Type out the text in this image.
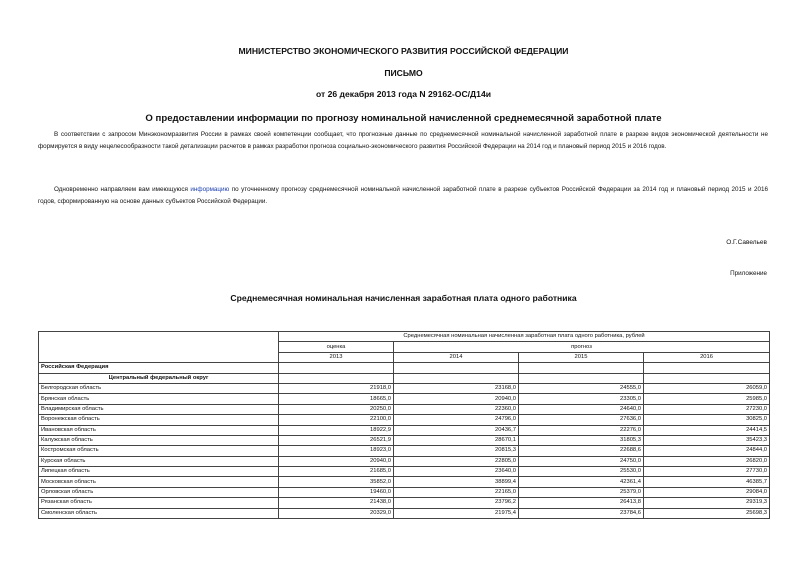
МИНИСТЕРСТВО ЭКОНОМИЧЕСКОГО РАЗВИТИЯ РОССИЙСКОЙ ФЕДЕРАЦИИ
ПИСЬМО
от 26 декабря 2013 года N 29162-ОС/Д14и
О предоставлении информации по прогнозу номинальной начисленной среднемесячной заработной плате

В соответствии с запросом Минэкономразвития России в рамках своей компетенции сообщает, что прогнозные данные по среднемесячной номинальной начисленной заработной плате в разрезе видов экономической деятельности не формируется в виду нецелесообразности такой детализации расчетов в рамках разработки прогноза социально-экономического развития Российской Федерации на 2014 год и плановый период 2015 и 2016 годов.

Одновременно направляем вам имеющуюся информацию по уточненному прогнозу среднемесячной номинальной начисленной заработной плате в разрезе субъектов Российской Федерации за 2014 год и плановый период 2015 и 2016 годов, сформированную на основе данных субъектов Российской Федерации.

О.Г.Савельев
Приложение
Среднемесячная номинальная начисленная заработная плата одного работника
	Среднемесячная номинальная начисленная заработная плата одного работника, рублей			
	оценка	прогноз		
	2013	2014	2015	2016
Российская Федерация				
Центральный федеральный округ				
Белгородская область	21918,0	23168,0	24555,0	26059,0
Брянская область	18665,0	20940,0	23305,0	25985,0
Владимирская область	20250,0	22360,0	24640,0	27230,0
Воронежская область	22100,0	24796,0	27636,0	30825,0
Ивановская область	18922,9	20436,7	22276,0	24414,5
Калужская область	26521,9	28670,1	31805,3	35423,3
Костромская область	18923,0	20815,3	22688,6	24844,0
Курская область	20940,0	22805,0	24750,0	26820,0
Липецкая область	21685,0	23640,0	25530,0	27730,0
Московская область	35852,0	38899,4	42361,4	46385,7
Орловская область	19460,0	22165,0	25379,0	29084,0
Рязанская область	21438,0	23796,2	26413,8	29319,3
Смоленская область	20329,0	21975,4	23784,6	25698,3
